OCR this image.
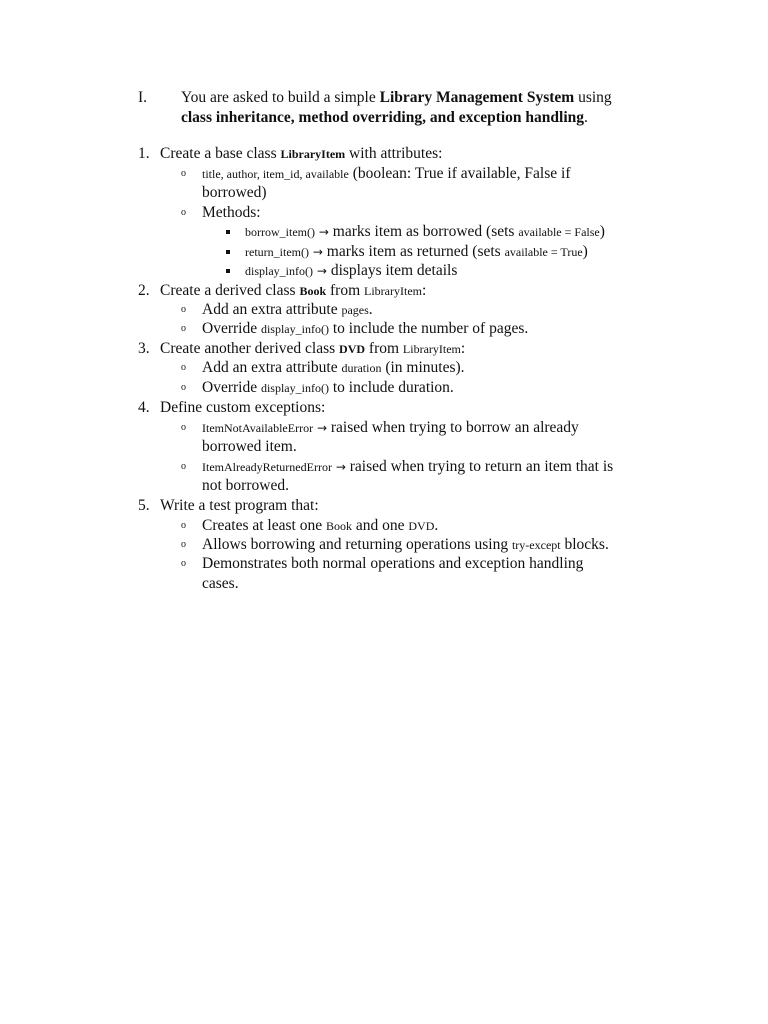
I. You are asked to build a simple Library Management System using
class inheritance, method overriding, and exception handling.
1. Create a base class LibraryItem with attributes:
o title, author, item_id, available (boolean: True if available, False if
borrowed)
o Methods:
borrow_item() → marks item as borrowed (sets available = False)
return_item() → marks item as returned (sets available = True)
display_info() → displays item details
2. Create a derived class Book from LibraryItem:
o Add an extra attribute pages.
o Override display_info() to include the number of pages.
3. Create another derived class DVD from LibraryItem:
o Add an extra attribute duration (in minutes).
o Override display_info() to include duration.
4. Define custom exceptions:
o ItemNotAvailableError → raised when trying to borrow an already
borrowed item.
o ItemAlreadyReturnedError → raised when trying to return an item that is
not borrowed.
5. Write a test program that:
o Creates at least one Book and one DVD.
o Allows borrowing and returning operations using try-except blocks.
o Demonstrates both normal operations and exception handling
cases.
